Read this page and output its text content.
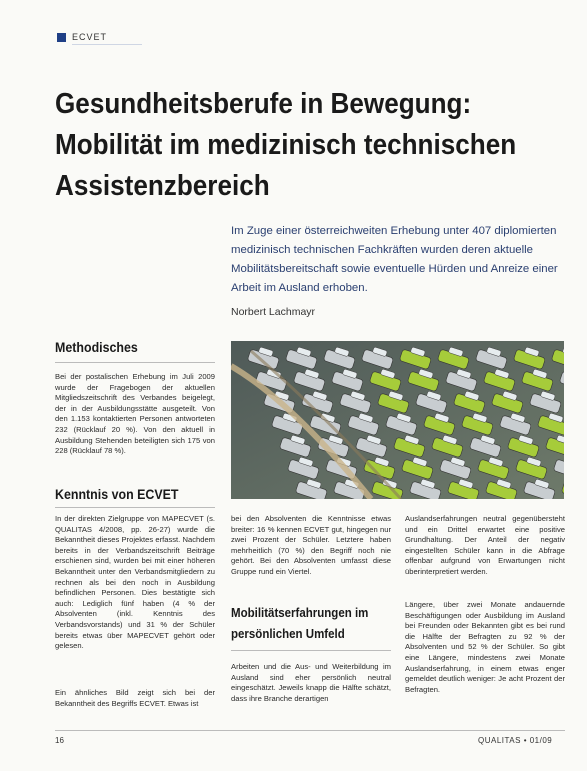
ECVET
Gesundheitsberufe in Bewegung:
Mobilität im medizinisch technischen
Assistenzbereich
Im Zuge einer österreichweiten Erhebung unter 407 diplomierten medizinisch technischen Fachkräften wurden deren aktuelle Mobilitätsbereitschaft sowie eventuelle Hürden und Anreize einer Arbeit im Ausland erhoben.
Norbert Lachmayr
Methodisches
Bei der postalischen Erhebung im Juli 2009 wurde der Fragebogen der aktuellen Mitgliedszeitschrift des Verbandes beigelegt, der in der Ausbildungsstätte ausgeteilt. Von den 1.153 kontaktierten Personen antworteten 232 (Rücklauf 20 %). Von den aktuell in Ausbildung Stehenden beteiligten sich 175 von 228 (Rücklauf 78 %).
Kenntnis von ECVET
In der direkten Zielgruppe von MAPECVET (s. QUALITAS 4/2008, pp. 26-27) wurde die Bekanntheit dieses Projektes erfasst. Nachdem bereits in der Verbandszeitschrift Beiträge erschienen sind, wurden bei mit einer höheren Bekanntheit unter den Verbandsmitgliedern zu rechnen als bei den noch in Ausbildung befindlichen Personen. Dies bestätigte sich auch: Lediglich fünf haben (4 % der Absolventen (inkl. Kenntnis des Verbandsvorstands) und 31 % der Schüler bereits etwas über MAPECVET gehört oder gelesen.
Ein ähnliches Bild zeigt sich bei der Bekanntheit des Begriffs ECVET. Etwas ist
bei den Absolventen die Kenntnisse etwas breiter: 16 % kennen ECVET gut, hingegen nur zwei Prozent der Schüler. Letztere haben mehrheitlich (70 %) den Begriff noch nie gehört. Bei den Absolventen umfasst diese Gruppe rund ein Viertel.
Mobilitätserfahrungen im
persönlichen Umfeld
Arbeiten und die Aus- und Weiterbildung im Ausland sind eher persönlich neutral eingeschätzt. Jeweils knapp die Hälfte schätzt, dass ihre Branche derartigen
Auslandserfahrungen neutral gegenübersteht und ein Drittel erwartet eine positive Grundhaltung. Der Anteil der negativ eingestellten Schüler kann in die Abfrage offenbar aufgrund von Erwartungen nicht überinterpretiert werden.
Längere, über zwei Monate andauernde Beschäftigungen oder Ausbildung im Ausland bei Freunden oder Bekannten gibt es bei rund die Hälfte der Befragten zu 92 % der Absolventen und 52 % der Schüler. So gibt eine Längere, mindestens zwei Monate Auslandserfahrung, in einem etwas enger gemeldet deutlich weniger: Je acht Prozent der Befragten.
16	QUALITAS • 01/09
